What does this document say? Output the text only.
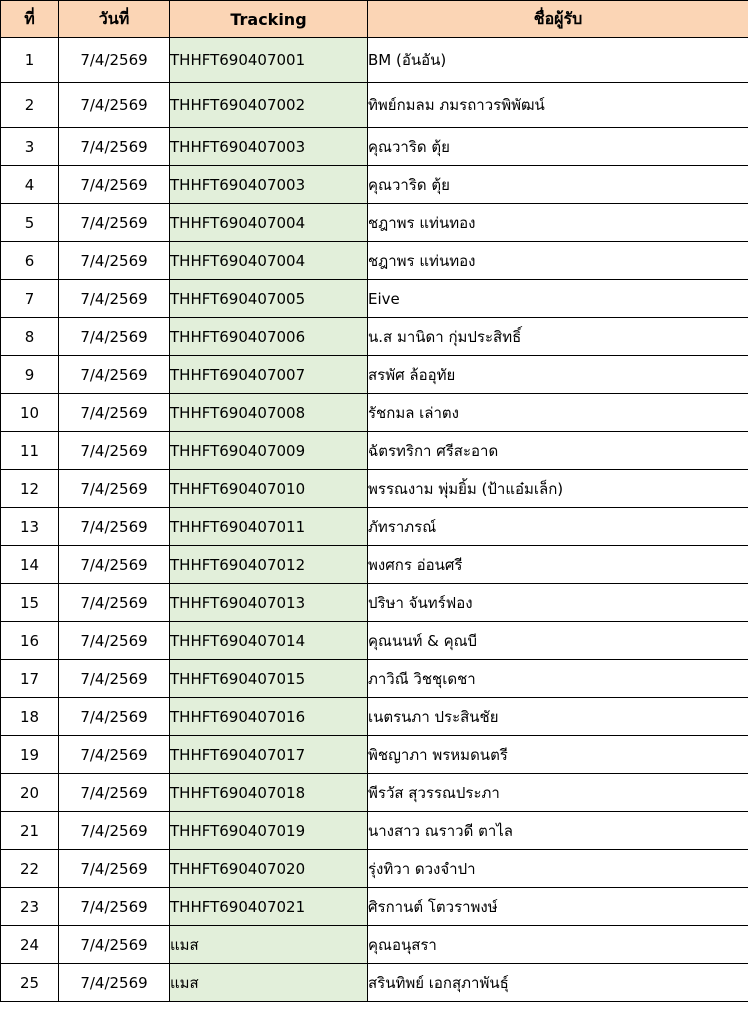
ที่	วันที่	Tracking	ชื่อผู้รับ
1	7/4/2569	THHFT690407001	BM (อันอัน)
2	7/4/2569	THHFT690407002	ทิพย์กมลม ภมรถาวรพิพัฒน์
3	7/4/2569	THHFT690407003	คุณวาริด ตุ้ย
4	7/4/2569	THHFT690407003	คุณวาริด ตุ้ย
5	7/4/2569	THHFT690407004	ชฎาพร แท่นทอง
6	7/4/2569	THHFT690407004	ชฎาพร แท่นทอง
7	7/4/2569	THHFT690407005	Eive
8	7/4/2569	THHFT690407006	น.ส มานิดา กุ่มประสิทธิ์
9	7/4/2569	THHFT690407007	สรพัศ ล้ออุทัย
10	7/4/2569	THHFT690407008	รัชกมล เล่าตง
11	7/4/2569	THHFT690407009	ฉัตรทริกา ศรีสะอาด
12	7/4/2569	THHFT690407010	พรรณงาม พุ่มยิ้ม (ป้าแอ๋มเล็ก)
13	7/4/2569	THHFT690407011	ภัทราภรณ์
14	7/4/2569	THHFT690407012	พงศกร อ่อนศรี
15	7/4/2569	THHFT690407013	ปริษา จันทร์ฟอง
16	7/4/2569	THHFT690407014	คุณนนท์ & คุณบี
17	7/4/2569	THHFT690407015	ภาวิณี วิชชุเดชา
18	7/4/2569	THHFT690407016	เนตรนภา ประสินชัย
19	7/4/2569	THHFT690407017	พิชญาภา พรหมดนตรี
20	7/4/2569	THHFT690407018	พีรวัส สุวรรณประภา
21	7/4/2569	THHFT690407019	นางสาว ณราวดี ตาไล
22	7/4/2569	THHFT690407020	รุ่งทิวา ดวงจำปา
23	7/4/2569	THHFT690407021	ศิรกานต์ โตวราพงษ์
24	7/4/2569	แมส	คุณอนุสรา
25	7/4/2569	แมส	สรินทิพย์ เอกสุภาพันธุ์
